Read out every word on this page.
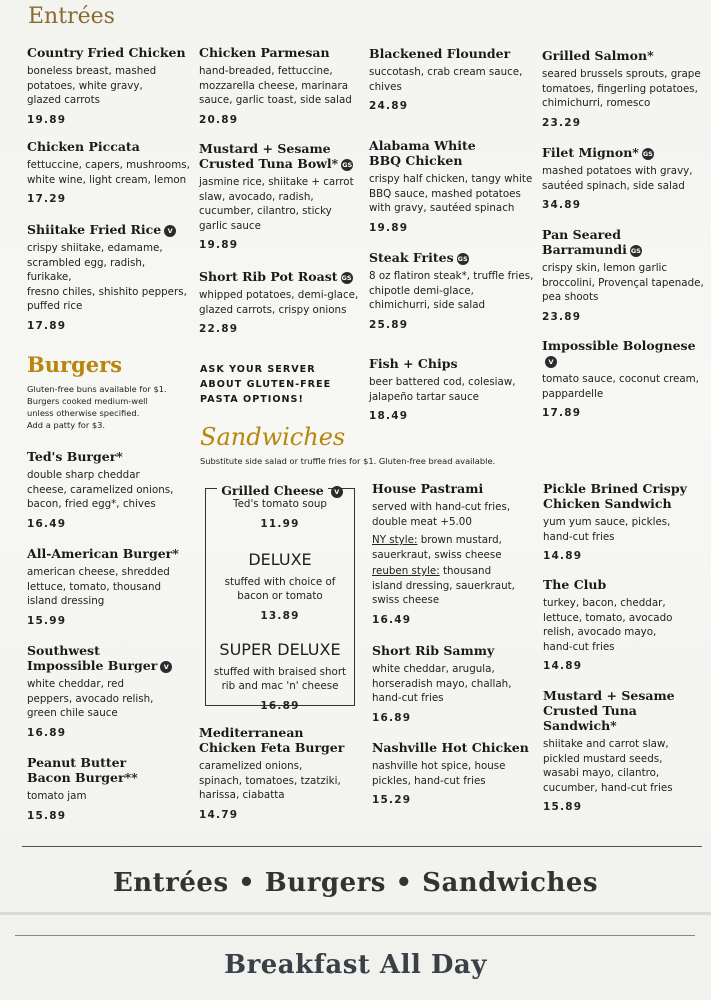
Entrées
Country Fried Chicken
boneless breast, mashed
potatoes, white gravy,
glazed carrots
19.89
Chicken Piccata
fettuccine, capers, mushrooms,
white wine, light cream, lemon
17.29
Shiitake Fried Rice V
crispy shiitake, edamame,
scrambled egg, radish, furikake,
fresno chiles, shishito peppers,
puffed rice
17.89
Chicken Parmesan
hand-breaded, fettuccine,
mozzarella cheese, marinara
sauce, garlic toast, side salad
20.89
Mustard + Sesame
Crusted Tuna Bowl* GS
jasmine rice, shiitake + carrot
slaw, avocado, radish,
cucumber, cilantro, sticky
garlic sauce
19.89
Short Rib Pot Roast GS
whipped potatoes, demi-glace,
glazed carrots, crispy onions
22.89
Blackened Flounder
succotash, crab cream sauce,
chives
24.89
Alabama White
BBQ Chicken
crispy half chicken, tangy white
BBQ sauce, mashed potatoes
with gravy, sautéed spinach
19.89
Steak Frites GS
8 oz flatiron steak*, truffle fries,
chipotle demi-glace,
chimichurri, side salad
25.89
Fish + Chips
beer battered cod, colesiaw,
jalapeño tartar sauce
18.49
Grilled Salmon*
seared brussels sprouts, grape
tomatoes, fingerling potatoes,
chimichurri, romesco
23.29
Filet Mignon* GS
mashed potatoes with gravy,
sautéed spinach, side salad
34.89
Pan Seared
Barramundi GS
crispy skin, lemon garlic
broccolini, Provençal tapenade,
pea shoots
23.89
Impossible BologneseV
tomato sauce, coconut cream,
pappardelle
17.89
Burgers
Gluten-free buns available for $1.
Burgers cooked medium-well
unless otherwise specified.
Add a patty for $3.
Ted's Burger*
double sharp cheddar
cheese, caramelized onions,
bacon, fried egg*, chives
16.49
All-American Burger*
american cheese, shredded
lettuce, tomato, thousand
island dressing
15.99
Southwest
Impossible Burger V
white cheddar, red
peppers, avocado relish,
green chile sauce
16.89
Peanut Butter
Bacon Burger**
tomato jam
15.89
Mediterranean
Chicken Feta Burger
caramelized onions,
spinach, tomatoes, tzatziki,
harissa, ciabatta
14.79
ASK YOUR SERVER
ABOUT GLUTEN-FREE
PASTA OPTIONS!
Sandwiches
Substitute side salad or truffle fries for $1. Gluten-free bread available.
Grilled Cheese V
Ted's tomato soup
11.99
DELUXE
stuffed with choice of
bacon or tomato
13.89
SUPER DELUXE
stuffed with braised short
rib and mac 'n' cheese
16.89
House Pastrami
served with hand-cut fries,
double meat +5.00

NY style: brown mustard,
sauerkraut, swiss cheese
reuben style: thousand
island dressing, sauerkraut,
swiss cheese
16.49
Short Rib Sammy
white cheddar, arugula,
horseradish mayo, challah,
hand-cut fries
16.89
Nashville Hot Chicken
nashville hot spice, house
pickles, hand-cut fries
15.29
Pickle Brined Crispy
Chicken Sandwich
yum yum sauce, pickles,
hand-cut fries
14.89
The Club
turkey, bacon, cheddar,
lettuce, tomato, avocado
relish, avocado mayo,
hand-cut fries
14.89
Mustard + Sesame
Crusted Tuna
Sandwich*
shiitake and carrot slaw,
pickled mustard seeds,
wasabi mayo, cilantro,
cucumber, hand-cut fries
15.89
Entrées • Burgers • Sandwiches
Breakfast All Day
